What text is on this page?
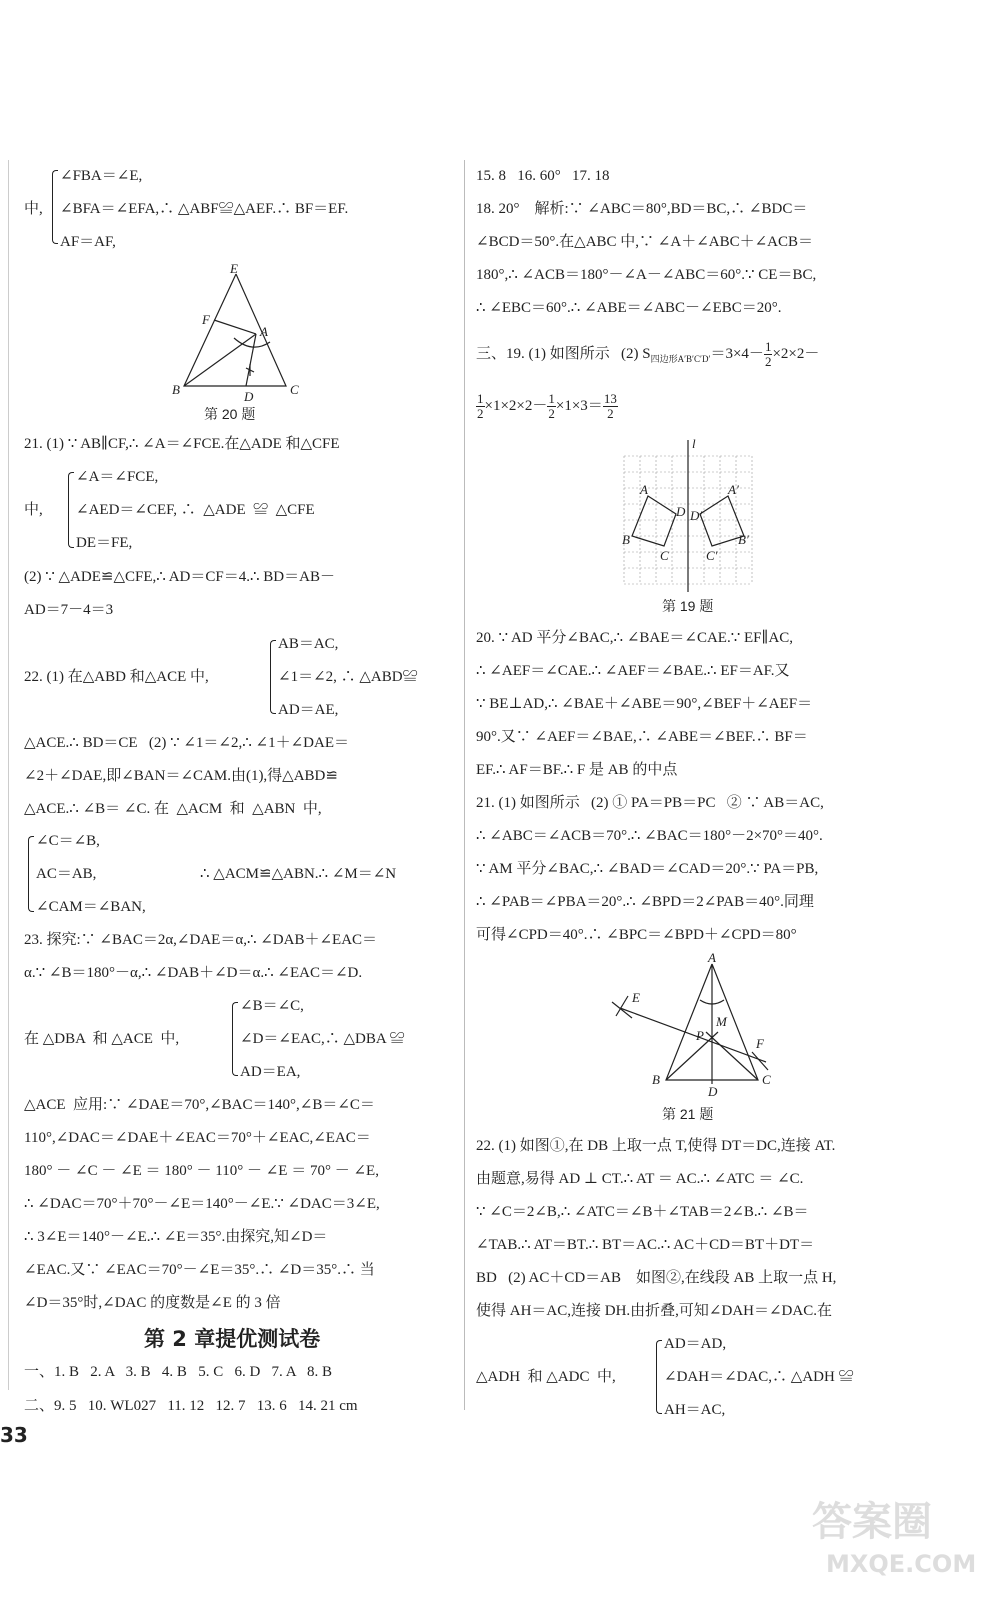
∠FBA＝∠E,
中, ∠BFA＝∠EFA,∴ △ABF≌△AEF.∴ BF＝EF.
AF＝AF,
E
F
A
B	D	C
第 20 题
21. (1) ∵ AB∥CF,∴ ∠A＝∠FCE.在△ADE 和△CFE
∠A＝∠FCE,
中, ∠AED＝∠CEF, ∴  △ADE  ≌  △CFE
DE＝FE,
(2) ∵ △ADE≌△CFE,∴ AD＝CF＝4.∴ BD＝AB－
AD＝7－4＝3
AB＝AC,
22. (1) 在△ABD 和△ACE 中,	∠1＝∠2, ∴ △ABD≌
AD＝AE,
△ACE.∴ BD＝CE   (2) ∵ ∠1＝∠2,∴ ∠1＋∠DAE＝
∠2＋∠DAE,即∠BAN＝∠CAM.由(1),得△ABD≌
△ACE.∴ ∠B＝ ∠C. 在  △ACM  和  △ABN  中,
∠C＝∠B,
AC＝AB,	∴ △ACM≌△ABN.∴ ∠M＝∠N
∠CAM＝∠BAN,
23. 探究:∵ ∠BAC＝2α,∠DAE＝α,∴ ∠DAB＋∠EAC＝
α.∵ ∠B＝180°－α,∴ ∠DAB＋∠D＝α.∴ ∠EAC＝∠D.
∠B＝∠C,
在 △DBA  和 △ACE  中,	∠D＝∠EAC,∴ △DBA ≌
AD＝EA,
△ACE  应用:∵ ∠DAE＝70°,∠BAC＝140°,∠B＝∠C＝
110°,∠DAC＝∠DAE＋∠EAC＝70°＋∠EAC,∠EAC＝
180° － ∠C － ∠E ＝ 180° － 110° － ∠E ＝ 70° － ∠E,
∴ ∠DAC＝70°＋70°－∠E＝140°－∠E.∵ ∠DAC＝3∠E,
∴ 3∠E＝140°－∠E.∴ ∠E＝35°.由探究,知∠D＝
∠EAC.又∵ ∠EAC＝70°－∠E＝35°.∴ ∠D＝35°.∴ 当
∠D＝35°时,∠DAC 的度数是∠E 的 3 倍
第 2 章提优测试卷
一、1. B   2. A   3. B   4. B   5. C   6. D   7. A   8. B
二、9. 5   10. WL027   11. 12   12. 7   13. 6   14. 21 cm
33
15. 8   16. 60°   17. 18
18. 20°    解析:∵ ∠ABC＝80°,BD＝BC,∴ ∠BDC＝
∠BCD＝50°.在△ABC 中,∵ ∠A＋∠ABC＋∠ACB＝
180°,∴ ∠ACB＝180°－∠A－∠ABC＝60°.∵ CE＝BC,
∴ ∠EBC＝60°.∴ ∠ABE＝∠ABC－∠EBC＝20°.
三、19. (1) 如图所示   (2) $S_{四边形A'B'C'D'}=3\times 4- \frac{1}{2} \times 2\times 2-$
$\frac{1}{2} \times 1\times 2\times 2- \frac{1}{2} \times 1\times 3= \frac{13}{2}$
l
A	A′
D D′
B	B′
C	C′
第 19 题
20. ∵ AD 平分∠BAC,∴ ∠BAE＝∠CAE.∵ EF∥AC,
∴ ∠AEF＝∠CAE.∴ ∠AEF＝∠BAE.∴ EF＝AF.又
∵ BE⊥AD,∴ ∠BAE＋∠ABE＝90°,∠BEF＋∠AEF＝
90°.又∵ ∠AEF＝∠BAE,∴ ∠ABE＝∠BEF.∴ BF＝
EF.∴ AF＝BF.∴ F 是 AB 的中点
21. (1) 如图所示   (2) ① PA＝PB＝PC   ② ∵ AB＝AC,
∴ ∠ABC＝∠ACB＝70°.∴ ∠BAC＝180°－2×70°＝40°.
∵ AM 平分∠BAC,∴ ∠BAD＝∠CAD＝20°.∵ PA＝PB,
∴ ∠PAB＝∠PBA＝20°.∴ ∠BPD＝2∠PAB＝40°.同理
可得∠CPD＝40°.∴ ∠BPC＝∠BPD＋∠CPD＝80°
A
E
M
P
F
B
D
C
第 21 题
22. (1) 如图①,在 DB 上取一点 T,使得 DT＝DC,连接 AT.
由题意,易得 AD ⊥ CT.∴ AT ＝ AC.∴ ∠ATC ＝ ∠C.
∵ ∠C＝2∠B,∴ ∠ATC＝∠B＋∠TAB＝2∠B.∴ ∠B＝
∠TAB.∴ AT＝BT.∴ BT＝AC.∴ AC＋CD＝BT＋DT＝
BD   (2) AC＋CD＝AB    如图②,在线段 AB 上取一点 H,
使得 AH＝AC,连接 DH.由折叠,可知∠DAH＝∠DAC.在
AD＝AD,
△ADH  和 △ADC  中,	∠DAH＝∠DAC,∴ △ADH ≌
AH＝AC,
答案圈
MXQE.COM
